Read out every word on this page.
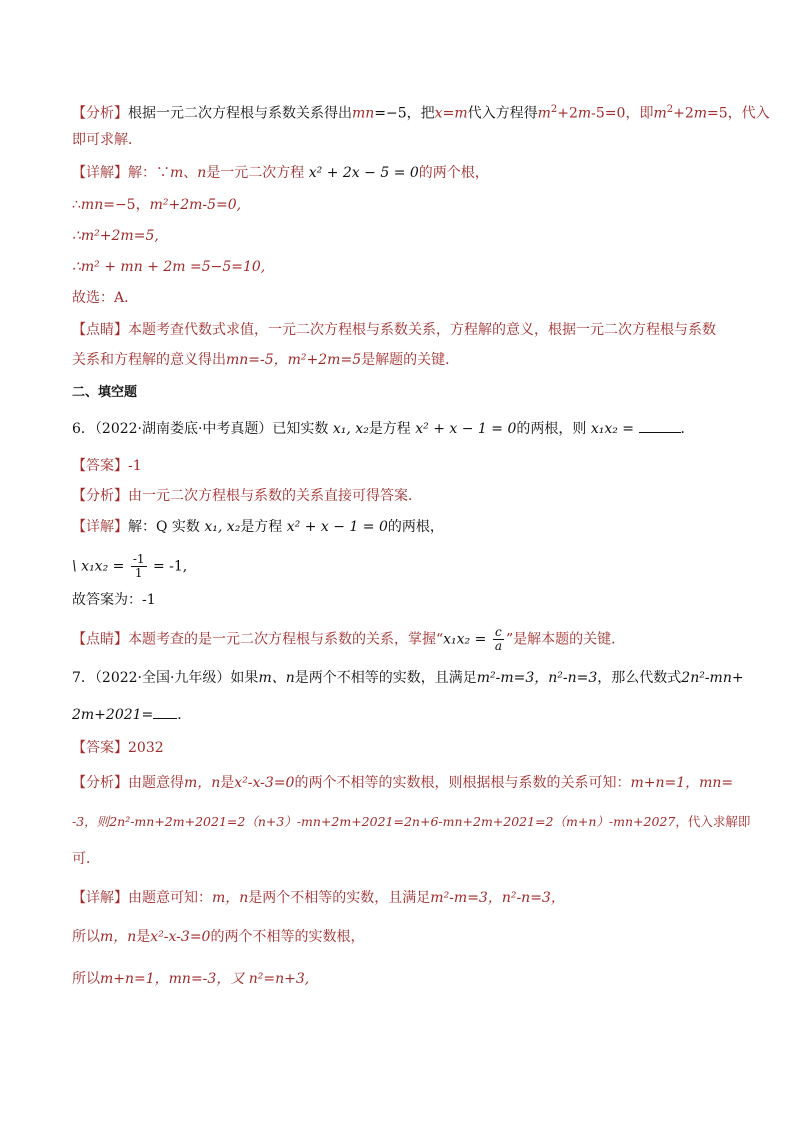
【分析】根据一元二次方程根与系数关系得出mn=−5，把x=m代入方程得$m^2+2m-5=0$，即$m^2+2m=5$，代入
即可求解．
【详解】解：∵m、n是一元二次方程 x² + 2x − 5 = 0的两个根，
∴mn=−5，m²+2m-5=0,
∴m²+2m=5,
∴m² + mn + 2m =5−5=10,
故选：A．
【点睛】本题考查代数式求值，一元二次方程根与系数关系，方程解的意义，根据一元二次方程根与系数
关系和方程解的意义得出mn=-5，m²+2m=5是解题的关键．
二、填空题
6．（2022·湖南娄底·中考真题）已知实数 x₁, x₂是方程 x² + x − 1 = 0的两根，则 x₁x₂ =	．
【答案】-1
【分析】由一元二次方程根与系数的关系直接可得答案．
【详解】解：Q 实数 x₁, x₂是方程 x² + x − 1 = 0的两根，
\ $x_1x_2 = \frac{-1}{1} = -1$,
故答案为：-1
【点睛】本题考查的是一元二次方程根与系数的关系，掌握“$x_1x_2 = \frac{c}{a}$ ”是解本题的关键．
7．（2022·全国·九年级）如果m、n是两个不相等的实数，且满足m²-m=3，n²-n=3，那么代数式2n²-mn+
2m+2021= ．
【答案】2032
【分析】由题意得m，n是x²-x-3=0的两个不相等的实数根，则根据根与系数的关系可知：m+n=1，mn=
-3，则2n²-mn+2m+2021=2（n+3）-mn+2m+2021=2n+6-mn+2m+2021=2（m+n）-mn+2027，代入求解即
可．
【详解】由题意可知：m，n是两个不相等的实数，且满足m²-m=3，n²-n=3，
所以m，n是x²-x-3=0的两个不相等的实数根，
所以m+n=1，mn=-3，又 n²=n+3,
